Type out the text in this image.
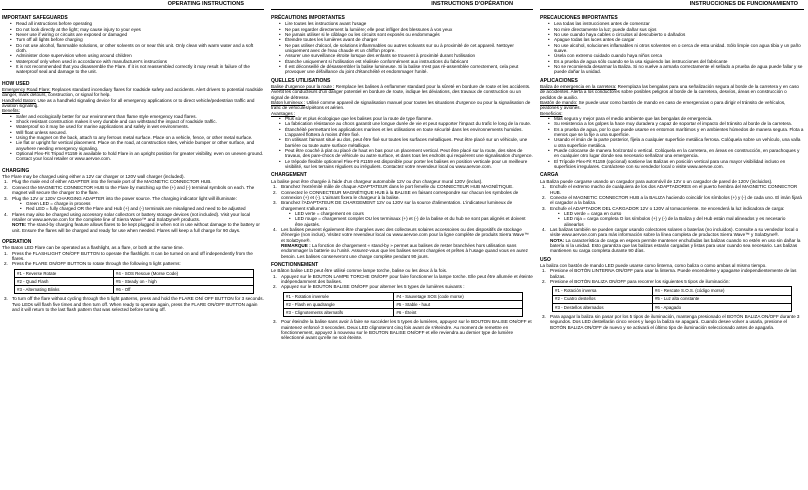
OPERATING INSTRUCTIONS
IMPORTANT SAFEGUARDS
• Read all instructions before operating
• Do not look directly at the light; may cause injury to your eyes
• Never use if wiring or circuits are exposed or damaged
• Turn off all lights before charging
• Do not use alcohol, flammable solutions, or other solvents on or near this unit. Only clean with warm water and a soft cloth.
• Administer close supervision when using around children
• Waterproof only when used in accordance with manufacturer's instructions
• It is not recommended that you disassemble the Flare. If it is not reassembled correctly it may result in failure of the waterproof seal and damage to the unit.
HOW USED

Emergency Road Flare: Replaces standard incendiary flares for roadside safety and accidents. Alert drivers to potential roadside danger, mark detours, construction, or signal for help.

Handheld Baton: Use as a handheld signaling device for all emergency applications or to direct vehicle/pedestrian traffic and aviation signaling.

Benefits:

• Safer and ecologically better for our environment than flame style emergency road flares.
• Shock resistant construction makes it very durable and can withstand the impact of roadside traffic.
• Waterproof so it may be used for marine applications and safely in wet environments.
• Will float unless secured.
• Using the magnet on the back, attach to any ferrous metal surface. Place on a vehicle, fence, or other metal surface.
• Lie flat or upright for vertical placement. Place on the road, at construction sites, vehicle bumper or other surface, and anywhere needing emergency signaling.
• Optional Flex-Fit Tripod #1159 is available to hold Flare in an upright position for greater visibility, even on uneven ground. Contact your local retailer or www.aervoe.com.
CHARGING

The Flare may be charged using either a 12V car charger or 120V wall charger (included).

1. Plug the male end of either ADAPTER into the female port of the MAGNETIC CONNECTOR HUB.
2. Connect the MAGNETIC CONNECTOR HUB to the Flare by matching up the (+) and (-) terminal symbols on each. The magnet will secure the charger to the flare.
3. Plug the 12V or 120V CHARGING ADAPTER into the power source. The charging indicator light will illuminate:
• Green LED = charge in process
• Red LED = fully charged OR the Flare and Hub (+) and (-) terminals are misaligned and need to be adjusted
4. Flares may also be charged using accessory solar collectors or battery storage devices (not included). Visit your local retailer or www.aervoe.com for the complete line of Sierra Wave™ and SolaDyne® products.

NOTE: The stand-by charging feature allows flares to be kept plugged in when not in use without damage to the battery or unit. Ensure the flares will be charged and ready for use when needed. Flares will keep a full charge for 90 days.

OPERATION

The Baton LED Flare can be operated as a flashlight, as a flare, or both at the same time.

1. Press the FLASHLIGHT ON/OFF BUTTON to operate the flashlight. It can be turned on and off independently from the flares.
2. Press the FLARE ON/OFF BUTTON to rotate through the following 5 light patterns:
#1 - Reverse Rotate	#4 - SOS Rescue (Morse Code)
#2 - Quad Flash	#5 - Steady on - high
#3 - Alternating Blinks	#6 - Off
3. To turn off the flare without cycling through the 5 light patterns, press and hold the FLARE ON/ OFF BUTTON for 3 seconds. Two LEDs will flash five times and then turn off. When ready to operate again, press the FLARE ON/OFF BUTTON again and it will return to the last flash pattern that was selected before turning off.
INSTRUCTIONS D'OPÉRATION
PRÉCAUTIONS IMPORTANTES
• Lire toutes les instructions avant l'usage
• Ne pas regarder directement la lumière; elle peut infliger des blessures à vos yeux
• Ne jamais utiliser si le câblage ou les circuits sont exposés ou endommagés
• Éteindre toutes les lumières avant de charger
• Ne pas utiliser d'alcool, de solutions inflammables ou autres solvants sur ou à proximité de cet appareil. Nettoyer uniquement avec de l'eau chaude et un chiffon propre.
• Assurer une surveillance étroite lorsque des enfants se trouvent à proximité durant l'utilisation
• Étanche uniquement si l'utilisation est réalisée conformément aux instructions du fabricant
• Il est déconseillé de désassembler la balise lumineuse. Si la balise n'est pas ré-assemblée correctement, cela peut provoquer une défaillance du joint d'étanchéité et endommager l'unité.
QUELLES UTILISATIONS

Balise d'urgence pour la route : Remplace les balises à enflammer standard pour la sûreté en bordure de route et les accidents. Avertit les conducteurs d'un danger potentiel en bordure de route, indique les déviations, des travaux de construction ou un signal de détresse.

Bâton lumineux : Utilisé comme appareil de signalisation manuel pour toutes les situations d'urgence ou pour la signalisation de trafic de véhicules/piétons et aérien.

Avantages :

• Plus sûr et plus écologique que les balises pour la route de type flamme.
• La fabrication résistance au chocs garantit une longue durée de vie et peut supporter l'impact du trafic le long de la route.
• Étanchéité permettant les applications marines et les utilisations en toute sécurité dans les environnements humides. L'appareil flottera à moins d'être fixé.
• En utilisant l'aimant situé au dos, peut être fixé sur toutes les surfaces métalliques. Peut être placé sur un véhicule, une barrière ou toute autre surface métallique.
• Peut être couché à plat ou placé de haut en bas pour un placement vertical. Peut être placé sur la route, des sites de travaux, des pare-chocs de véhicule ou autre surface, et dans tous les endroits qui requièrent une signalisation d'urgence.
• Le trépode flexible optionnel Flex-Fit #1159 est disponible pour porter les balises en position verticale pour un meilleure visibilité, sur les terrains réguliers ou irréguliers. Contactez votre revendeur local ou www.aervoe.com.
CHARGEMENT

La balise peut être chargée à l'aide d'un chargeur automobile 12V ou d'un chargeur mural 120V (inclus).

1. Branchez l'extrémité mâle de chaque ADAPTATEUR dans le port femelle du CONNECTEUR HUB MAGNÉTIQUE.
2. Connectez le CONNECTEUR MAGNÉTIQUE HUB à la BALISE en faisant correspondre sur chacun les symboles de connexion (+) et (-). L'aimant fixera le chargeur à la balise.
3. Branchez l'ADAPTATEUR DE CHARGEMENT 12V ou 120V sur la source d'alimentation. L'indicateur lumineux de chargement s'allumera :
• LED verte = chargement en cours
• LED rouge = chargement complet OU les terminaux (+) et (-) de la balise et du hub ne sont pas alignés et doivent être ajustés.
4. Les balises peuvent également être chargées avec des collecteurs solaires accessoires ou des dispositifs de stockage d'énergie (non inclus). Visitez votre revendeur local ou www.aervoe.com pour la ligne complète de produits Sierra Wave™ et SolaDyne®.

REMARQUE : La fonction de chargement « stand-by » permet aux balises de rester branchées hors utilisation sans endommager la batterie ou l'unité. Assurez-vous que les balises seront chargées et prêtes à l'usage quand vous en aurez besoin. Les balises conserveront une charge complète pendant 90 jours.

FONCTIONNEMENT

Le Bâton balise LED peut être utilisé comme lampe torche, balise ou les deux à la fois.

1. Appuyez sur le BOUTON LAMPE TORCHE ON/OFF pour faire fonctionner la lampe torche. Elle peut être allumée et éteinte indépendamment des balises.
2. Appuyez sur le BOUTON BALISE ON/OFF pour alterner les 5 types de lumières suivants :
#1 - Rotation inversée	#4 - Sauvetage SOS (code morse)
#2 - Flash en quadrangle	#5 - Stable - haut
#3 - Clignotements alternatifs	#6 - Éteint
3. Pour éteindre la balise sans avoir à faire se succéder les 5 types de lumières, appuyez sur le BOUTON BALISE ON/OFF et maintenez enfoncé 3 secondes. Deux LED clignoteront cinq fois avant de s'éteindre. Au moment de remettre en fonctionnement, appuyez à nouveau sur le BOUTON BALISE ON/OFF et elle reviendra au dernier type de lumière sélectionné avant qu'elle ne soit éteinte.
INSTRUCCIONES DE FUNCIONAMIENTO
PRECAUCIONES IMPORTANTES
• Lea todas las instrucciones antes de comenzar
• No mire directamente la luz; puede dañar sus ojos
• No use cuando haya cables o circuitos al descubierto o dañados
• Apague todas las luces antes de cargar
• No use alcohol, soluciones inflamables ni otros solventes en o cerca de esta unidad. Sólo limpie con agua tibia y un paño suave.
• Úsela con extremo cuidado cuando haya niños cerca
• Es a prueba de agua sólo cuando se la usa siguiendo las instrucciones del fabricante
• No se recomienda desarmar la Baliza. Si no vuelve a armarla correctamente el sellado a prueba de agua puede fallar y se puede dañar la unidad.
APLICACIONES

Baliza de emergencia en la carretera: Reemplaza las bengalas para una señalización segura al borde de la carretera y en caso de accidentes. Alerta a los conductores sobre posibles peligros al borde de la carretera, desvíos, áreas en construcción o pedidos de auxilio.

Bastón de mando: Se puede usar como bastón de mando en caso de emergencias o para dirigir el tránsito de vehículos, peatones y aviones.

Beneficios:

• Más segura y mejor para el medio ambiente que las bengalas de emergencia.
• Su resistencia a los golpes la hace muy duradera y capaz de soportar el impacto del tránsito al borde de la carretera.
• Es a prueba de agua, por lo que puede usarse en entornos marítimos y en ambientes húmedos de manera segura. Flota a menos que se la fije a una superficie.
• Usando el imán de la parte posterior, fíjela a cualquier superficie metálica ferrosa. Colóquela sobre un vehículo, una valla u otra superficie metálica.
• Puede colocarse de manera horizontal o vertical. Colóquela en la carretera, en áreas en construcción, en parachoques y en cualquier otro lugar donde sea necesario señalizar una emergencia.
• El Trípode Flex-Fit #1159 (opcional) sostiene las Balizas en posición vertical para una mayor visibilidad incluso en superficies irregulares. Contáctese con su vendedor local o visite www.aervoe.com.
CARGA

La Baliza puede cargarse usando un cargador para automóvil de 12V o un cargador de pared de 120V (incluidos).

1. Enchufe el extremo macho de cualquiera de los dos ADAPTADORES en el puerto hembra del MAGNETIC CONNECTOR HUB.
2. Conecte el MAGNETIC CONNECTOR HUB a la BALIZA haciendo coincidir los símbolos (+) y (-) de cada uno. El imán fijará el cargador a la baliza.
3. Enchufe el ADAPTADOR DEL CARGADOR 12V o 120V al tomacorriente. Se encenderá la luz indicadora de carga:
• LED verde = carga en curso
• LED roja = carga completa O los símbolos (+) y (-) de la Baliza y del Hub están mal alineados y es necesario alinearlos
4. Las balizas también se pueden cargar usando colectores solares o baterías (no incluidos). Consulte a su vendedor local o visite www.aervoe.com para más información sobre la línea completa de productos Sierra Wave™ y SolaDyne®.

NOTA: La característica de carga en espera permite mantener enchufadas las balizas cuando no estén en uso sin dañar la batería ni la unidad. Esto garantiza que las balizas estarán cargadas y listas para usar cuando sea necesario. Las balizas mantienen su carga completa durante 90 días.

USO

La baliza con bastón de mando LED puede usarse como linterna, como baliza o como ambas al mismo tiempo.

1. Presione el BOTÓN LINTERNA ON/OFF para usar la linterna. Puede encenderse y apagarse independientemente de las balizas.
2. Presione el BOTÓN BALIZA ON/OFF para recorrer los siguientes 5 tipos de iluminación:
#1 - Rotación inversa	#4 - Rescate S.O.S. (código morse)
#2 - Cuatro destellos	#5 - Luz alta constante
#3 - Destellos alternados	#6 - Apagado
3. Para apagar la baliza sin pasar por los 5 tipos de iluminación, mantenga presionado el BOTÓN BALIZA ON/OFF durante 3 segundos. Dos LED destellarán cinco veces y luego la baliza se apagará. Cuando desee volver a usarla, presione el BOTÓN BALIZA ON/OFF de nuevo y se activará el último tipo de iluminación seleccionado antes de apagarla.
